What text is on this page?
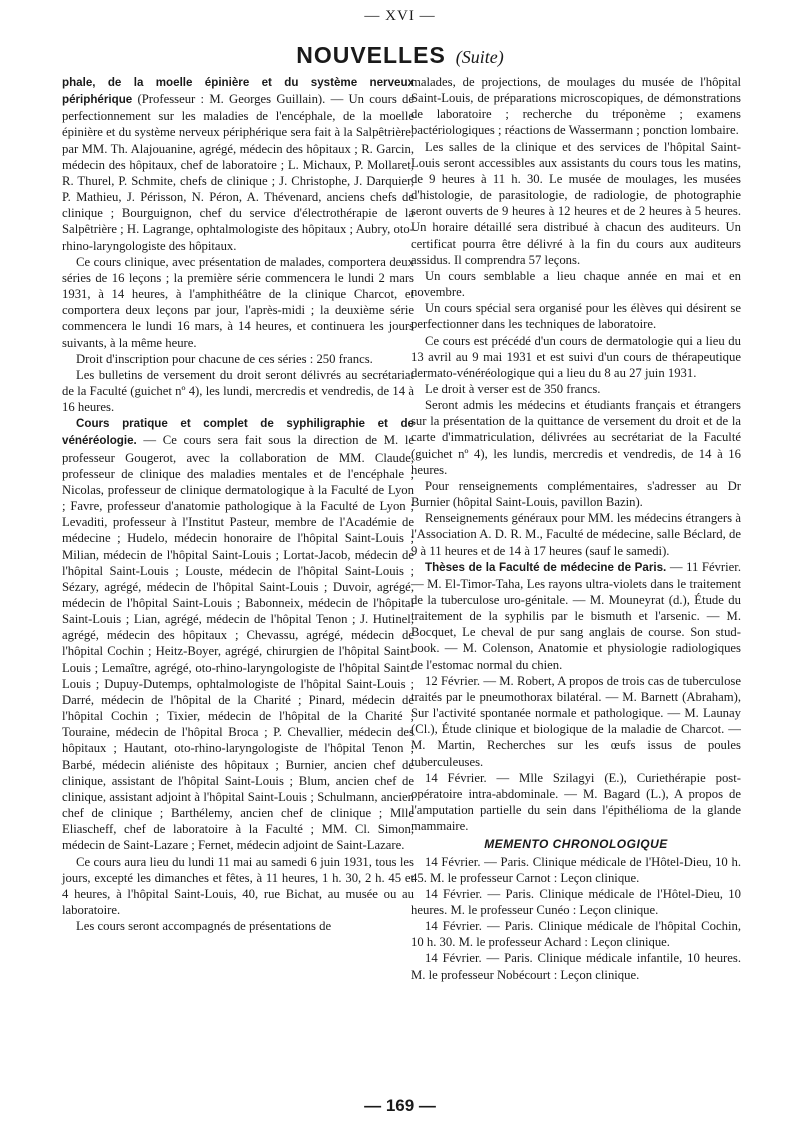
— XVI —
NOUVELLES (Suite)

phale, de la moelle épinière et du système nerveux périphérique (Professeur : M. Georges Guillain). — Un cours de perfectionnement sur les maladies de l'encéphale, de la moelle épinière et du système nerveux périphérique sera fait à la Salpêtrière, par MM. Th. Alajouanine, agrégé, médecin des hôpitaux ; R. Garcin, médecin des hôpitaux, chef de laboratoire ; L. Michaux, P. Mollaret, R. Thurel, P. Schmite, chefs de clinique ; J. Christophe, J. Darquier, P. Mathieu, J. Périsson, N. Péron, A. Thévenard, anciens chefs de clinique ; Bourguignon, chef du service d'électrothérapie de la Salpêtrière ; H. Lagrange, ophtalmologiste des hôpitaux ; Aubry, oto-rhino-laryngologiste des hôpitaux.

Ce cours clinique, avec présentation de malades, comportera deux séries de 16 leçons ; la première série commencera le lundi 2 mars 1931, à 14 heures, à l'amphithéâtre de la clinique Charcot, et comportera deux leçons par jour, l'après-midi ; la deuxième série commencera le lundi 16 mars, à 14 heures, et continuera les jours suivants, à la même heure.

Droit d'inscription pour chacune de ces séries : 250 francs.

Les bulletins de versement du droit seront délivrés au secrétariat de la Faculté (guichet nº 4), les lundi, mercredis et vendredis, de 14 à 16 heures.

Cours pratique et complet de syphiligraphie et de vénéréologie. — Ce cours sera fait sous la direction de M. le professeur Gougerot, avec la collaboration de MM. Claude, professeur de clinique des maladies mentales et de l'encéphale ; Nicolas, professeur de clinique dermatologique à la Faculté de Lyon ; Favre, professeur d'anatomie pathologique à la Faculté de Lyon ; Levaditi, professeur à l'Institut Pasteur, membre de l'Académie de médecine ; Hudelo, médecin honoraire de l'hôpital Saint-Louis ; Milian, médecin de l'hôpital Saint-Louis ; Lortat-Jacob, médecin de l'hôpital Saint-Louis ; Louste, médecin de l'hôpital Saint-Louis ; Sézary, agrégé, médecin de l'hôpital Saint-Louis ; Duvoir, agrégé, médecin de l'hôpital Saint-Louis ; Babonneix, médecin de l'hôpital Saint-Louis ; Lian, agrégé, médecin de l'hôpital Tenon ; J. Hutinel, agrégé, médecin des hôpitaux ; Chevassu, agrégé, médecin de l'hôpital Cochin ; Heitz-Boyer, agrégé, chirurgien de l'hôpital Saint-Louis ; Lemaître, agrégé, oto-rhino-laryngologiste de l'hôpital Saint-Louis ; Dupuy-Dutemps, ophtalmologiste de l'hôpital Saint-Louis ; Darré, médecin de l'hôpital de la Charité ; Pinard, médecin de l'hôpital Cochin ; Tixier, médecin de l'hôpital de la Charité ; Touraine, médecin de l'hôpital Broca ; P. Chevallier, médecin des hôpitaux ; Hautant, oto-rhino-laryngologiste de l'hôpital Tenon ; Barbé, médecin aliéniste des hôpitaux ; Burnier, ancien chef de clinique, assistant de l'hôpital Saint-Louis ; Blum, ancien chef de clinique, assistant adjoint à l'hôpital Saint-Louis ; Schulmann, ancien chef de clinique ; Barthélemy, ancien chef de clinique ; Mlle Eliascheff, chef de laboratoire à la Faculté ; MM. Cl. Simon, médecin de Saint-Lazare ; Fernet, médecin adjoint de Saint-Lazare.

Ce cours aura lieu du lundi 11 mai au samedi 6 juin 1931, tous les jours, excepté les dimanches et fêtes, à 11 heures, 1 h. 30, 2 h. 45 et 4 heures, à l'hôpital Saint-Louis, 40, rue Bichat, au musée ou au laboratoire.

Les cours seront accompagnés de présentations de

malades, de projections, de moulages du musée de l'hôpital Saint-Louis, de préparations microscopiques, de démonstrations de laboratoire ; recherche du tréponème ; examens bactériologiques ; réactions de Wassermann ; ponction lombaire.

Les salles de la clinique et des services de l'hôpital Saint-Louis seront accessibles aux assistants du cours tous les matins, de 9 heures à 11 h. 30. Le musée de moulages, les musées d'histologie, de parasitologie, de radiologie, de photographie seront ouverts de 9 heures à 12 heures et de 2 heures à 5 heures. Un horaire détaillé sera distribué à chacun des auditeurs. Un certificat pourra être délivré à la fin du cours aux auditeurs assidus. Il comprendra 57 leçons.

Un cours semblable a lieu chaque année en mai et en novembre.

Un cours spécial sera organisé pour les élèves qui désirent se perfectionner dans les techniques de laboratoire.

Ce cours est précédé d'un cours de dermatologie qui a lieu du 13 avril au 9 mai 1931 et est suivi d'un cours de thérapeutique dermato-vénéréologique qui a lieu du 8 au 27 juin 1931.

Le droit à verser est de 350 francs.

Seront admis les médecins et étudiants français et étrangers sur la présentation de la quittance de versement du droit et de la carte d'immatriculation, délivrées au secrétariat de la Faculté (guichet nº 4), les lundis, mercredis et vendredis, de 14 à 16 heures.

Pour renseignements complémentaires, s'adresser au Dr Burnier (hôpital Saint-Louis, pavillon Bazin).

Renseignements généraux pour MM. les médecins étrangers à l'Association A. D. R. M., Faculté de médecine, salle Béclard, de 9 à 11 heures et de 14 à 17 heures (sauf le samedi).

Thèses de la Faculté de médecine de Paris. — 11 Février. — M. El-Timor-Taha, Les rayons ultra-violets dans le traitement de la tuberculose uro-génitale. — M. Mouneyrat (d.), Étude du traitement de la syphilis par le bismuth et l'arsenic. — M. Bocquet, Le cheval de pur sang anglais de course. Son stud-book. — M. Colenson, Anatomie et physiologie radiologiques de l'estomac normal du chien.

12 Février. — M. Robert, A propos de trois cas de tuberculose traités par le pneumothorax bilatéral. — M. Barnett (Abraham), Sur l'activité spontanée normale et pathologique. — M. Launay (Cl.), Étude clinique et biologique de la maladie de Charcot. — M. Martin, Recherches sur les œufs issus de poules tuberculeuses.

14 Février. — Mlle Szilagyi (E.), Curiethérapie post-opératoire intra-abdominale. — M. Bagard (L.), A propos de l'amputation partielle du sein dans l'épithélioma de la glande mammaire.

MEMENTO CHRONOLOGIQUE

14 Février. — Paris. Clinique médicale de l'Hôtel-Dieu, 10 h. 45. M. le professeur Carnot : Leçon clinique.

14 Février. — Paris. Clinique médicale de l'Hôtel-Dieu, 10 heures. M. le professeur Cunéo : Leçon clinique.

14 Février. — Paris. Clinique médicale de l'hôpital Cochin, 10 h. 30. M. le professeur Achard : Leçon clinique.

14 Février. — Paris. Clinique médicale infantile, 10 heures. M. le professeur Nobécourt : Leçon clinique.

— 169 —
